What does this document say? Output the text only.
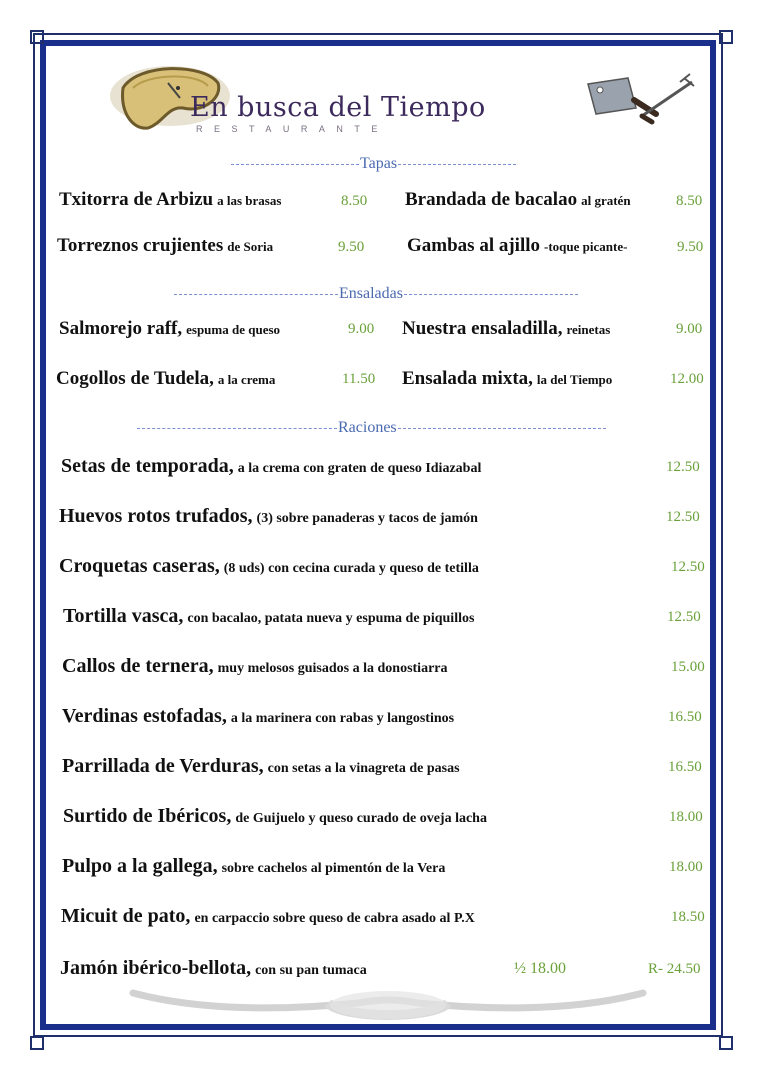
En busca del Tiempo
RESTAURANTE
Tapas
Txitorra de Arbizu a las brasas	8.50 Brandada de bacalao al gratén	8.50
Torreznos crujientes de Soria	9.50 Gambas al ajillo -toque picante-	9.50
Ensaladas
Salmorejo raff, espuma de queso	9.00 Nuestra ensaladilla, reinetas	9.00
Cogollos de Tudela, a la crema	11.50 Ensalada mixta, la del Tiempo	12.00
Raciones
Setas de temporada, a la crema con graten de queso Idiazabal	12.50
Huevos rotos trufados, (3) sobre panaderas y tacos de jamón	12.50
Croquetas caseras, (8 uds) con cecina curada y queso de tetilla	12.50
Tortilla vasca, con bacalao, patata nueva y espuma de piquillos	12.50
Callos de ternera, muy melosos guisados a la donostiarra	15.00
Verdinas estofadas, a la marinera con rabas y langostinos	16.50
Parrillada de Verduras, con setas a la vinagreta de pasas	16.50
Surtido de Ibéricos, de Guijuelo y queso curado de oveja lacha	18.00
Pulpo a la gallega, sobre cachelos al pimentón de la Vera	18.00
Micuit de pato, en carpaccio sobre queso de cabra asado al P.X	18.50
Jamón ibérico-bellota, con su pan tumaca	½ 18.00	R- 24.50
